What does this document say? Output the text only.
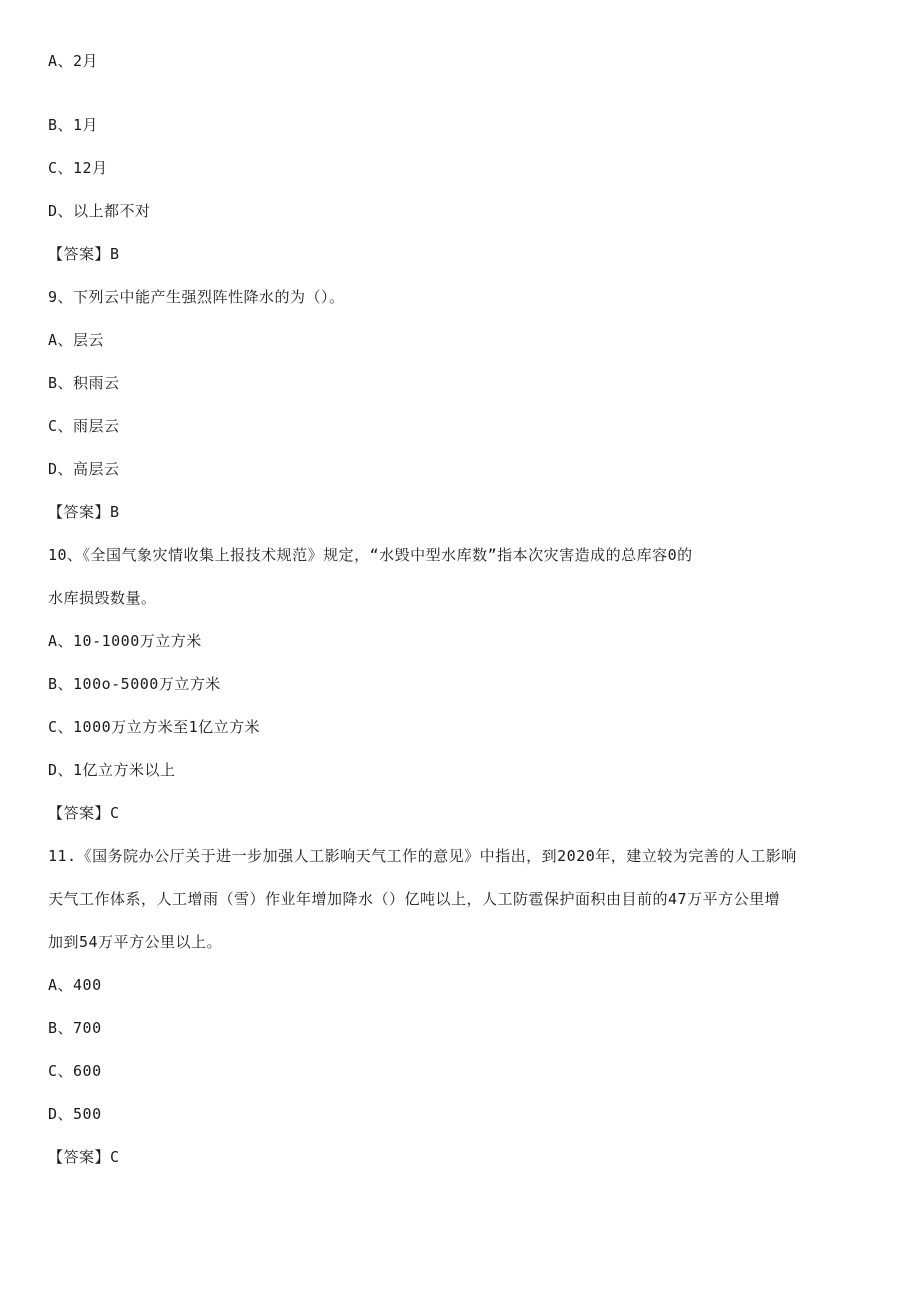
A、2月
B、1月
C、12月
D、以上都不对
【答案】B
9、下列云中能产生强烈阵性降水的为（）。
A、层云
B、积雨云
C、雨层云
D、高层云
【答案】B
10、《全国气象灾情收集上报技术规范》规定，“水毁中型水库数”指本次灾害造成的总库容0的
水库损毁数量。
A、10-1000万立方米
B、100o-5000万立方米
C、1000万立方米至1亿立方米
D、1亿立方米以上
【答案】C
11.《国务院办公厅关于进一步加强人工影响天气工作的意见》中指出，到2020年，建立较为完善的人工影响
天气工作体系，人工增雨（雪）作业年增加降水（）亿吨以上，人工防雹保护面积由目前的47万平方公里增
加到54万平方公里以上。
A、400
B、700
C、600
D、500
【答案】C
